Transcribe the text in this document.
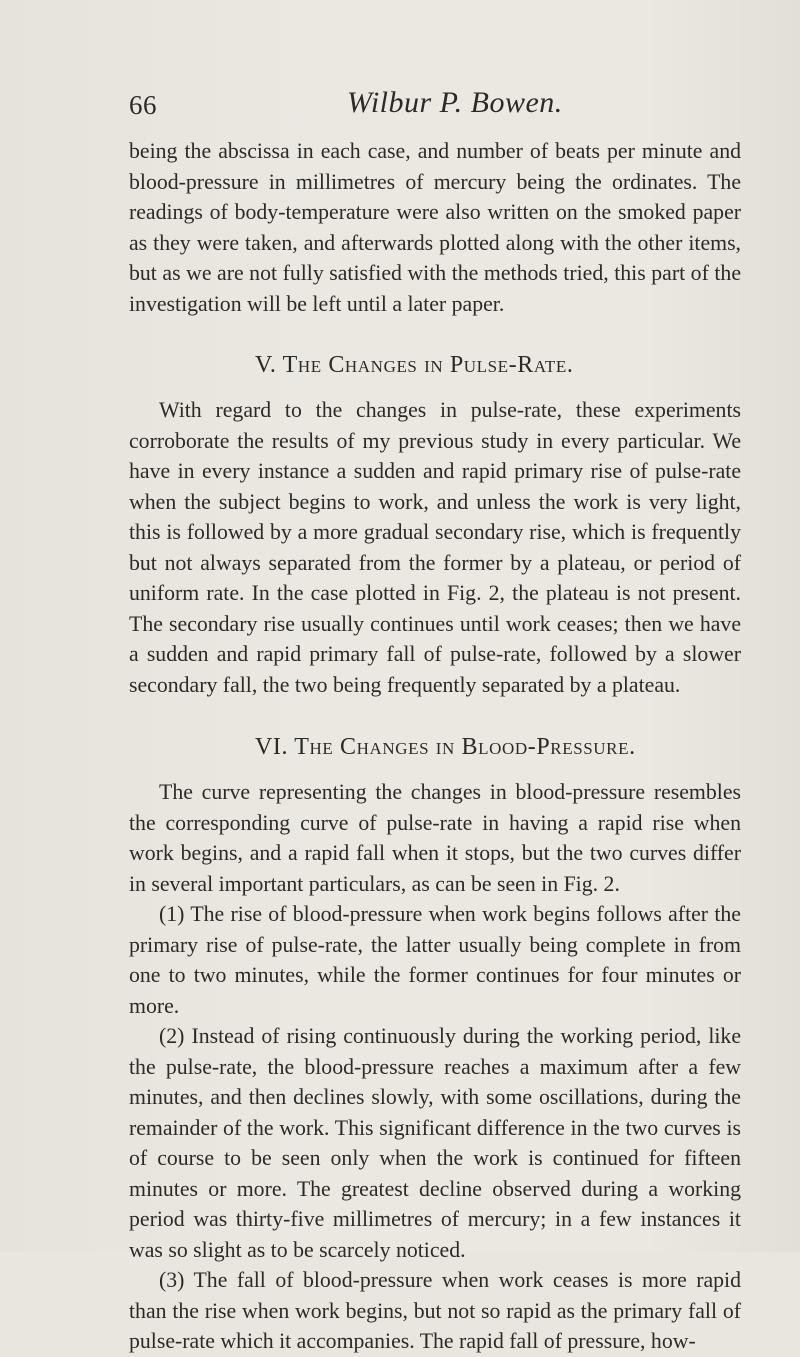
66	Wilbur P. Bowen.

being the abscissa in each case, and number of beats per minute and blood-pressure in millimetres of mercury being the ordinates. The readings of body-temperature were also written on the smoked paper as they were taken, and afterwards plotted along with the other items, but as we are not fully satisfied with the methods tried, this part of the investigation will be left until a later paper.

V. The Changes in Pulse-Rate.

With regard to the changes in pulse-rate, these experiments corroborate the results of my previous study in every particular. We have in every instance a sudden and rapid primary rise of pulse-rate when the subject begins to work, and unless the work is very light, this is followed by a more gradual secondary rise, which is frequently but not always separated from the former by a plateau, or period of uniform rate. In the case plotted in Fig. 2, the plateau is not present. The secondary rise usually continues until work ceases; then we have a sudden and rapid primary fall of pulse-rate, followed by a slower secondary fall, the two being frequently separated by a plateau.

VI. The Changes in Blood-Pressure.

The curve representing the changes in blood-pressure resembles the corresponding curve of pulse-rate in having a rapid rise when work begins, and a rapid fall when it stops, but the two curves differ in several important particulars, as can be seen in Fig. 2.

(1) The rise of blood-pressure when work begins follows after the primary rise of pulse-rate, the latter usually being complete in from one to two minutes, while the former continues for four minutes or more.

(2) Instead of rising continuously during the working period, like the pulse-rate, the blood-pressure reaches a maximum after a few minutes, and then declines slowly, with some oscillations, during the remainder of the work. This significant difference in the two curves is of course to be seen only when the work is continued for fifteen minutes or more. The greatest decline observed during a working period was thirty-five millimetres of mercury; in a few instances it was so slight as to be scarcely noticed.

(3) The fall of blood-pressure when work ceases is more rapid than the rise when work begins, but not so rapid as the primary fall of pulse-rate which it accompanies. The rapid fall of pressure, how-
